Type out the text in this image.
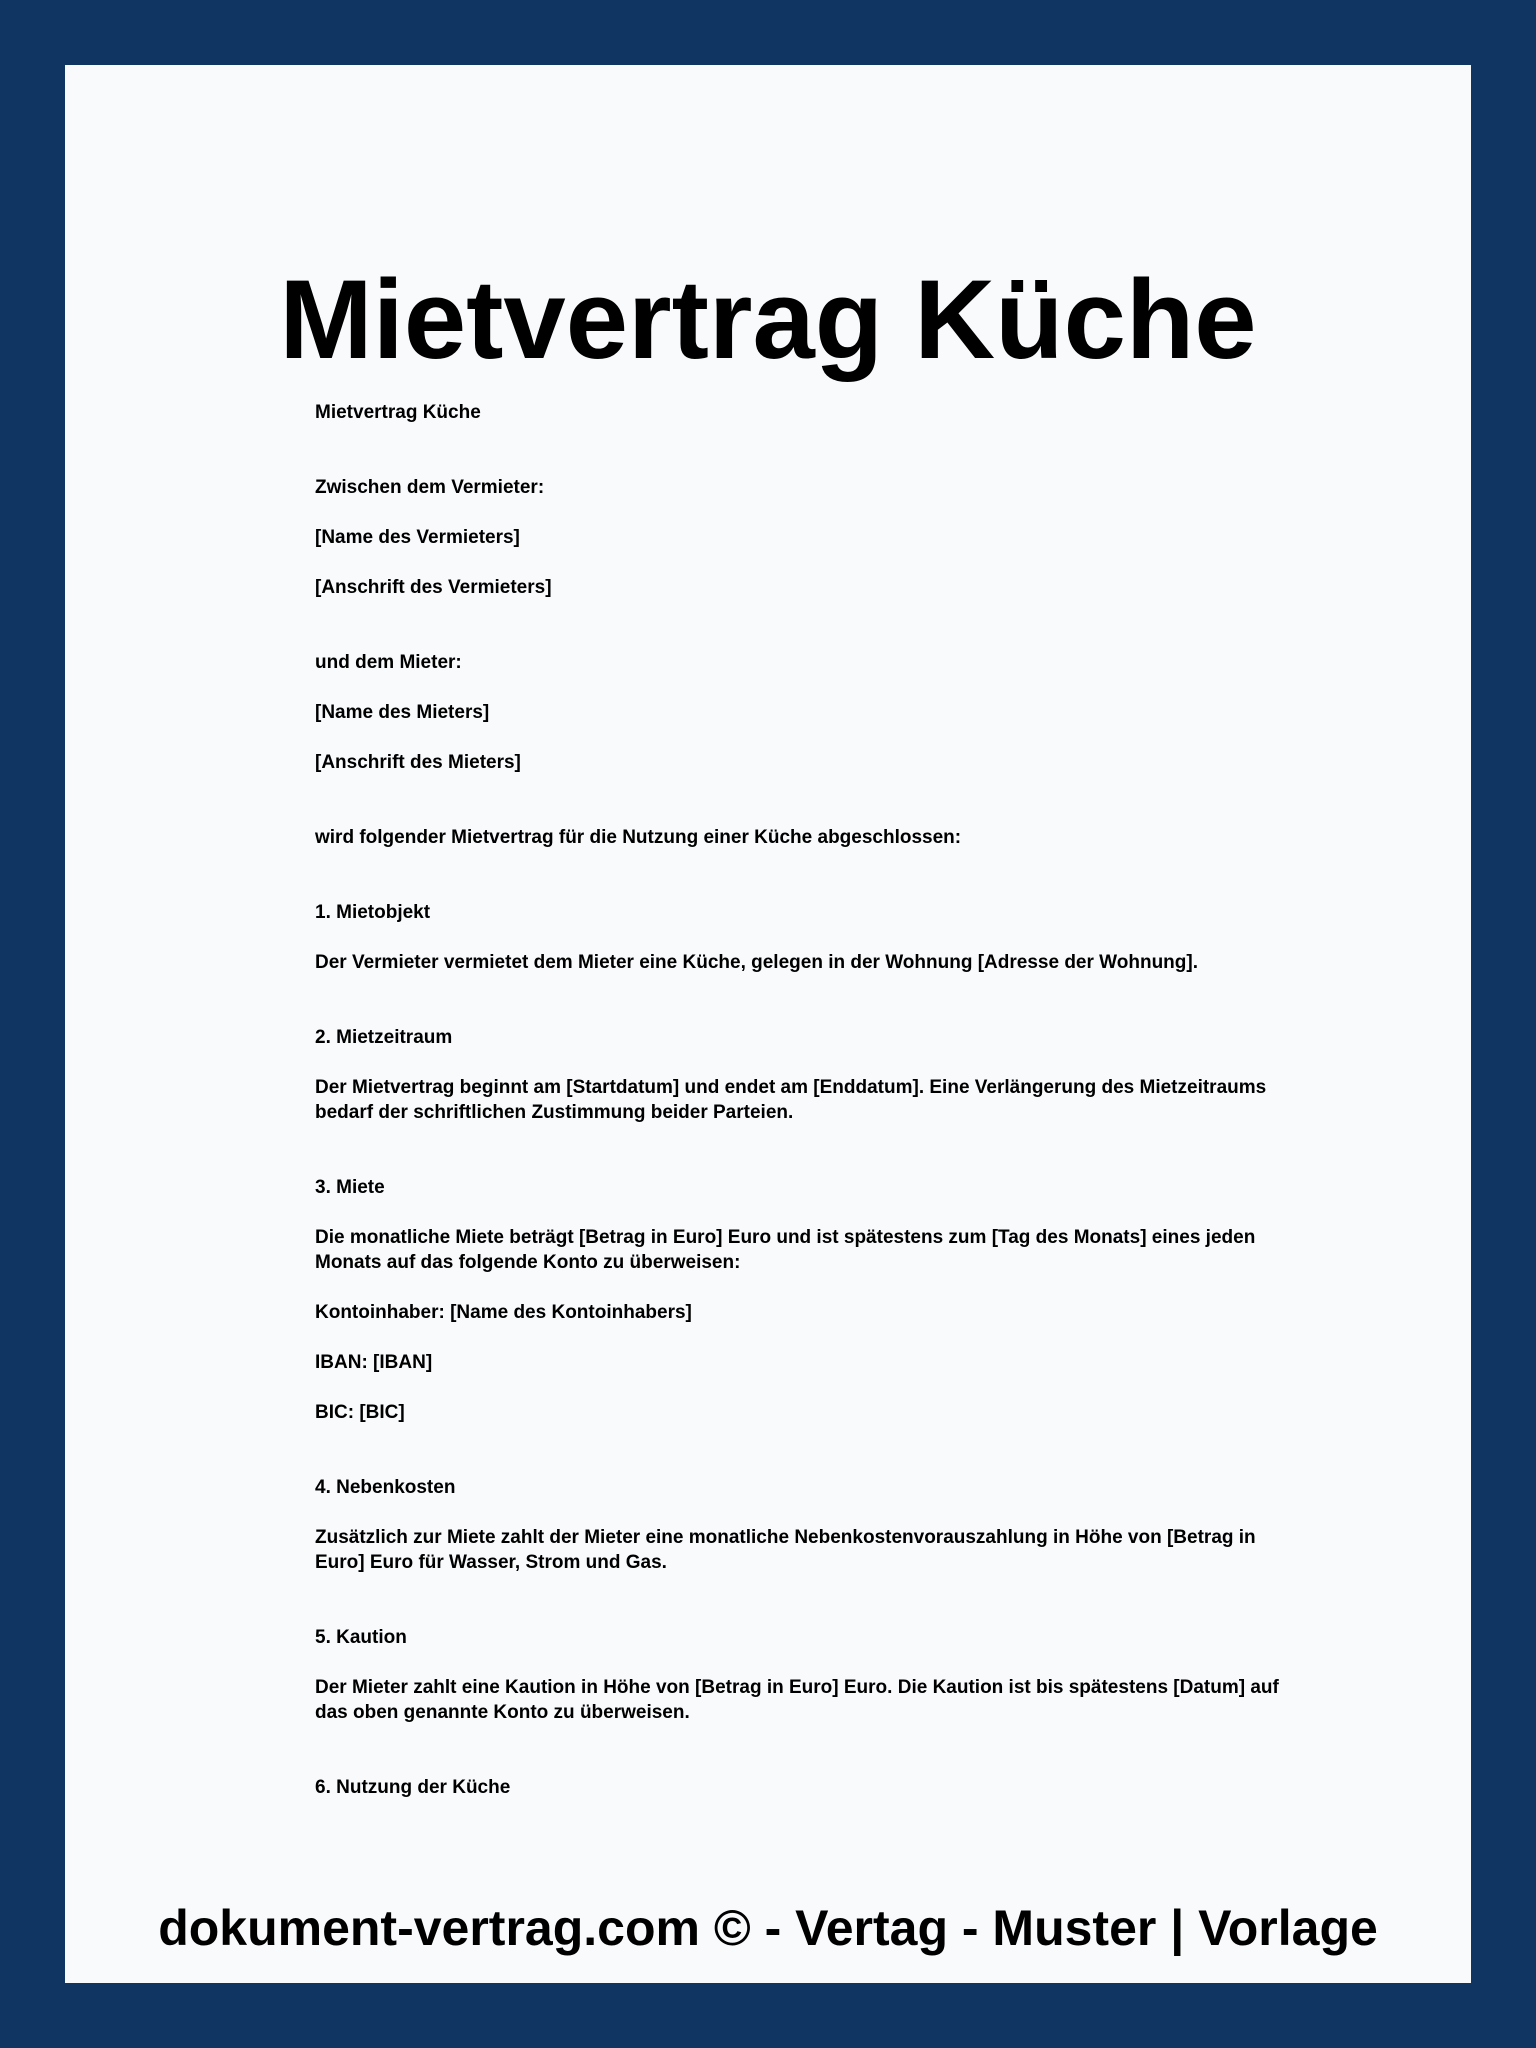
Mietvertrag Küche

Mietvertrag Küche

Zwischen dem Vermieter:

[Name des Vermieters]

[Anschrift des Vermieters]

und dem Mieter:

[Name des Mieters]

[Anschrift des Mieters]

wird folgender Mietvertrag für die Nutzung einer Küche abgeschlossen:

1. Mietobjekt

Der Vermieter vermietet dem Mieter eine Küche, gelegen in der Wohnung [Adresse der Wohnung].

2. Mietzeitraum

Der Mietvertrag beginnt am [Startdatum] und endet am [Enddatum]. Eine Verlängerung des Mietzeitraums

bedarf der schriftlichen Zustimmung beider Parteien.

3. Miete

Die monatliche Miete beträgt [Betrag in Euro] Euro und ist spätestens zum [Tag des Monats] eines jeden

Monats auf das folgende Konto zu überweisen:

Kontoinhaber: [Name des Kontoinhabers]

IBAN: [IBAN]

BIC: [BIC]

4. Nebenkosten

Zusätzlich zur Miete zahlt der Mieter eine monatliche Nebenkostenvorauszahlung in Höhe von [Betrag in

Euro] Euro für Wasser, Strom und Gas.

5. Kaution

Der Mieter zahlt eine Kaution in Höhe von [Betrag in Euro] Euro. Die Kaution ist bis spätestens [Datum] auf

das oben genannte Konto zu überweisen.

6. Nutzung der Küche

dokument-vertrag.com © - Vertag - Muster | Vorlage
